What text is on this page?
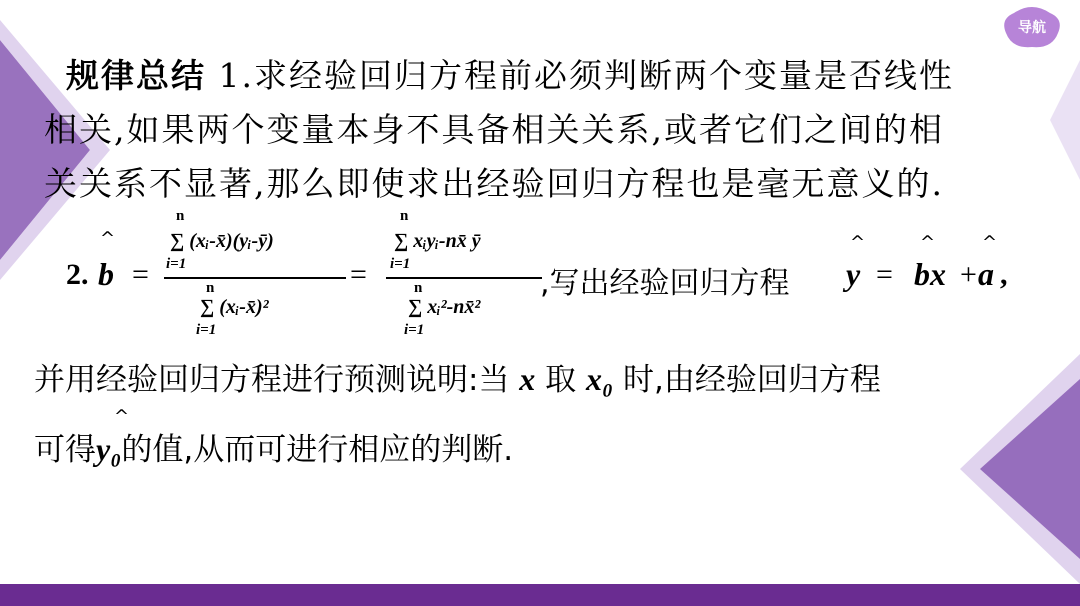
导航
规律总结 1.求经验回归方程前必须判断两个变量是否线性
相关,如果两个变量本身不具备相关关系,或者它们之间的相
关关系不显著,那么即使求出经验回归方程也是毫无意义的.
2.
^
b =
n
∑ (xᵢ-x̄)(yᵢ-ȳ)
i=1
n
∑ (xᵢ-x̄)²
i=1
=
n
∑ xᵢyᵢ-nx̄ ȳ
i=1
n
∑ xᵢ²-nx̄²
i=1
,写出经验回归方程
^
y =
^
bx +
^
a ,
并用经验回归方程进行预测说明:当 x 取 x₀ 时,由经验回归方程
^
可得y₀的值,从而可进行相应的判断.
